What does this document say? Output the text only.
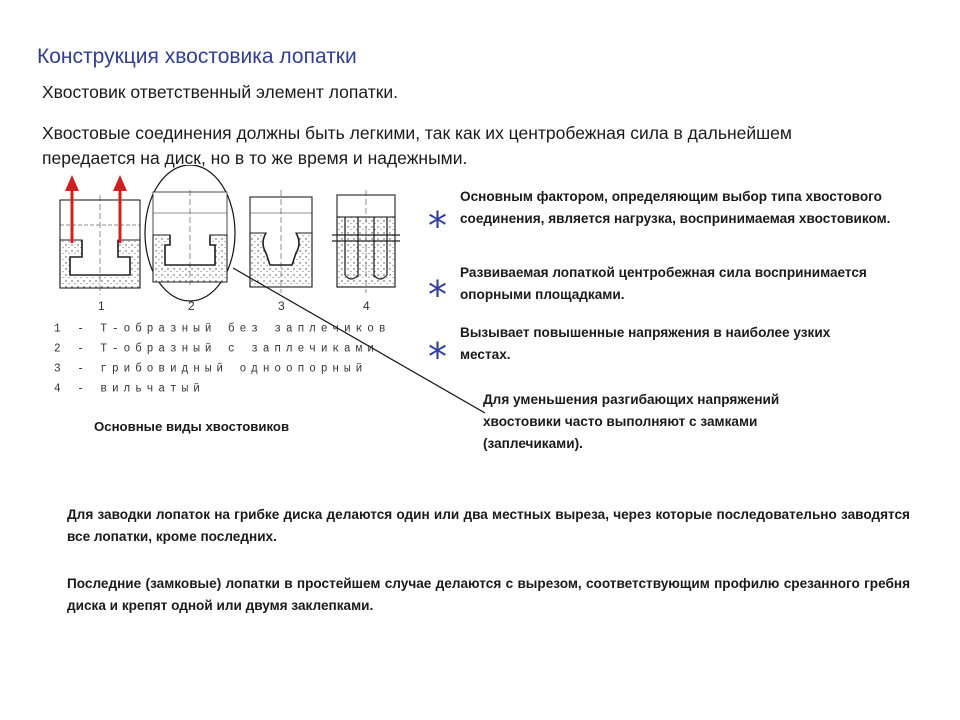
Конструкция хвостовика лопатки
Хвостовик ответственный элемент лопатки.
Хвостовые соединения должны быть легкими, так как их центробежная сила в дальнейшем передается на диск, но в то же время и надежными.
1	2	3	4
1 - Т-образный без заплечиков
2 - Т-образный с заплечиками
3 - грибовидный одноопорный
4 - вильчатый
Основные виды хвостовиков
*
Основным фактором, определяющим выбор типа хвостового соединения, является нагрузка, воспринимаемая хвостовиком.
*
Развиваемая лопаткой центробежная сила воспринимается опорными площадками.
*
Вызывает повышенные напряжения в наиболее узких местах.
Для уменьшения разгибающих напряжений хвостовики часто выполняют с замками (заплечиками).
Для заводки лопаток на грибке диска делаются один или два местных выреза, через которые последовательно заводятся все лопатки, кроме последних.
Последние (замковые) лопатки в простейшем случае делаются с вырезом, соответствующим профилю срезанного гребня диска и крепят одной или двумя заклепками.
